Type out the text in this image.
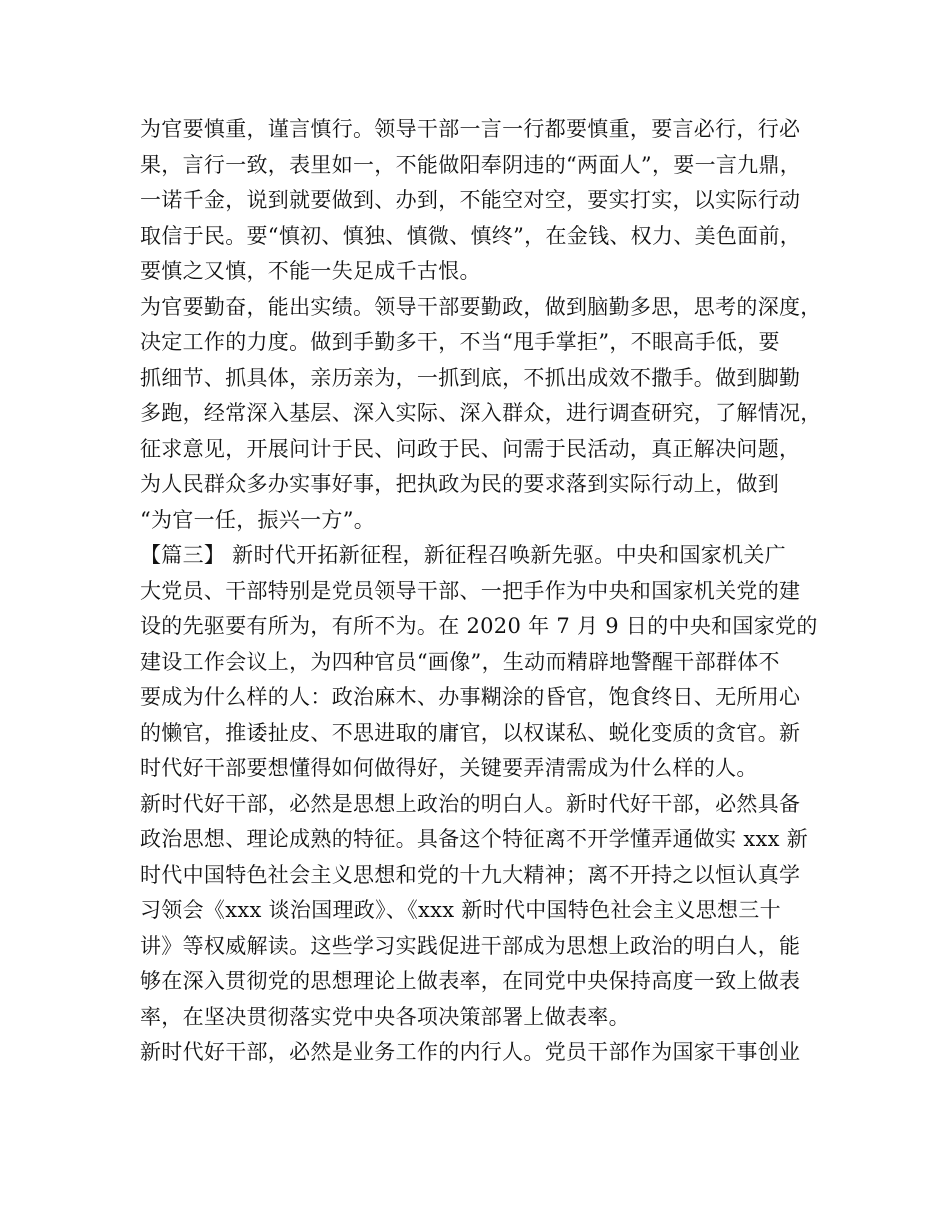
为官要慎重，谨言慎行。领导干部一言一行都要慎重，要言必行，行必
果，言行一致，表里如一，不能做阳奉阴违的“两面人”，要一言九鼎，
一诺千金，说到就要做到、办到，不能空对空，要实打实，以实际行动
取信于民。要“慎初、慎独、慎微、慎终”，在金钱、权力、美色面前，
要慎之又慎，不能一失足成千古恨。
为官要勤奋，能出实绩。领导干部要勤政，做到脑勤多思，思考的深度，
决定工作的力度。做到手勤多干，不当“甩手掌拒”，不眼高手低，要
抓细节、抓具体，亲历亲为，一抓到底，不抓出成效不撒手。做到脚勤
多跑，经常深入基层、深入实际、深入群众，进行调查研究，了解情况，
征求意见，开展问计于民、问政于民、问需于民活动，真正解决问题，
为人民群众多办实事好事，把执政为民的要求落到实际行动上，做到
“为官一任，振兴一方”。
【篇三】 新时代开拓新征程，新征程召唤新先驱。中央和国家机关广
大党员、干部特别是党员领导干部、一把手作为中央和国家机关党的建
设的先驱要有所为，有所不为。在 2020 年 7 月 9 日的中央和国家党的
建设工作会议上，为四种官员“画像”，生动而精辟地警醒干部群体不
要成为什么样的人：政治麻木、办事糊涂的昏官，饱食终日、无所用心
的懒官，推诿扯皮、不思进取的庸官，以权谋私、蜕化变质的贪官。新
时代好干部要想懂得如何做得好，关键要弄清需成为什么样的人。
新时代好干部，必然是思想上政治的明白人。新时代好干部，必然具备
政治思想、理论成熟的特征。具备这个特征离不开学懂弄通做实 xxx 新
时代中国特色社会主义思想和党的十九大精神；离不开持之以恒认真学
习领会《xxx 谈治国理政》、《xxx 新时代中国特色社会主义思想三十
讲》等权威解读。这些学习实践促进干部成为思想上政治的明白人，能
够在深入贯彻党的思想理论上做表率，在同党中央保持高度一致上做表
率，在坚决贯彻落实党中央各项决策部署上做表率。
新时代好干部，必然是业务工作的内行人。党员干部作为国家干事创业
